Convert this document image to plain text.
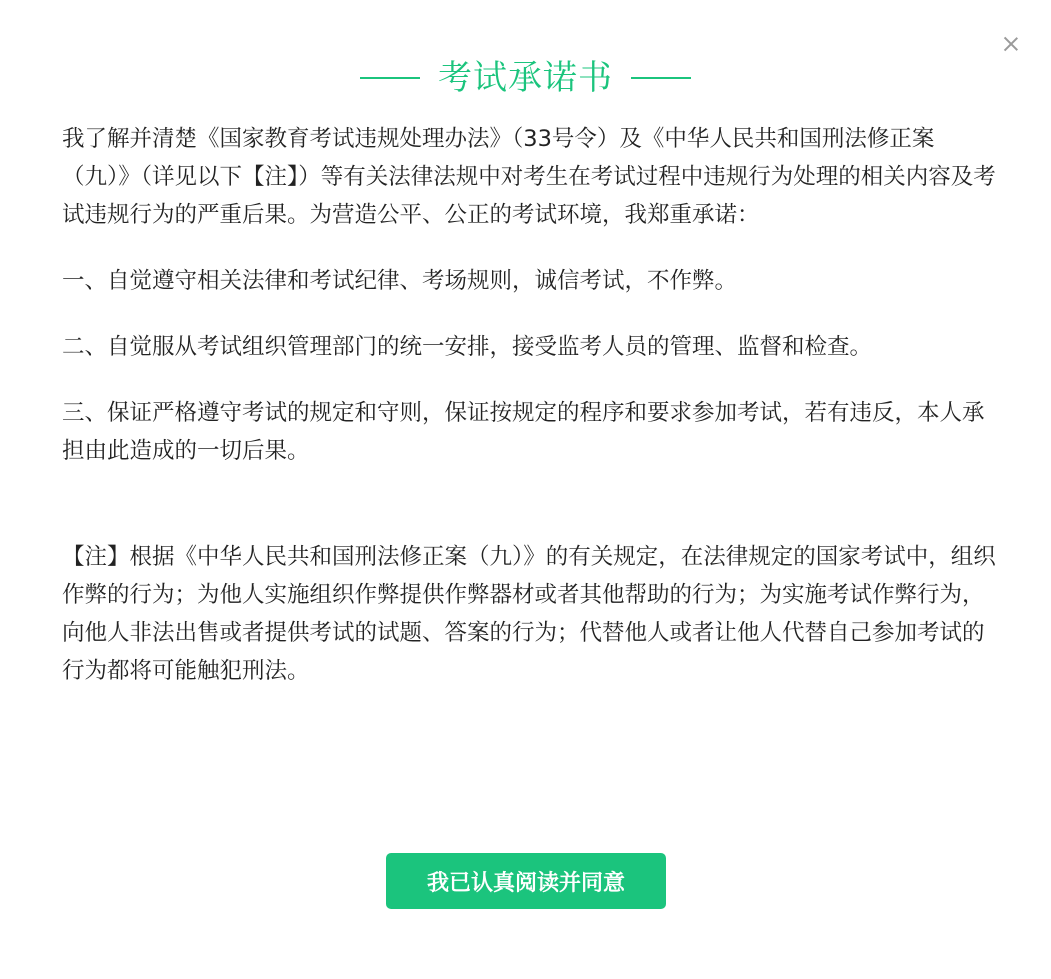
考试承诺书

我了解并清楚《国家教育考试违规处理办法》（33号令）及《中华人民共和国刑法修正案（九）》（详见以下【注】）等有关法律法规中对考生在考试过程中违规行为处理的相关内容及考试违规行为的严重后果。为营造公平、公正的考试环境，我郑重承诺：

一、自觉遵守相关法律和考试纪律、考场规则，诚信考试，不作弊。

二、自觉服从考试组织管理部门的统一安排，接受监考人员的管理、监督和检查。

三、保证严格遵守考试的规定和守则，保证按规定的程序和要求参加考试，若有违反，本人承担由此造成的一切后果。

【注】根据《中华人民共和国刑法修正案（九）》的有关规定，在法律规定的国家考试中，组织作弊的行为；为他人实施组织作弊提供作弊器材或者其他帮助的行为；为实施考试作弊行为，向他人非法出售或者提供考试的试题、答案的行为；代替他人或者让他人代替自己参加考试的行为都将可能触犯刑法。

我已认真阅读并同意
